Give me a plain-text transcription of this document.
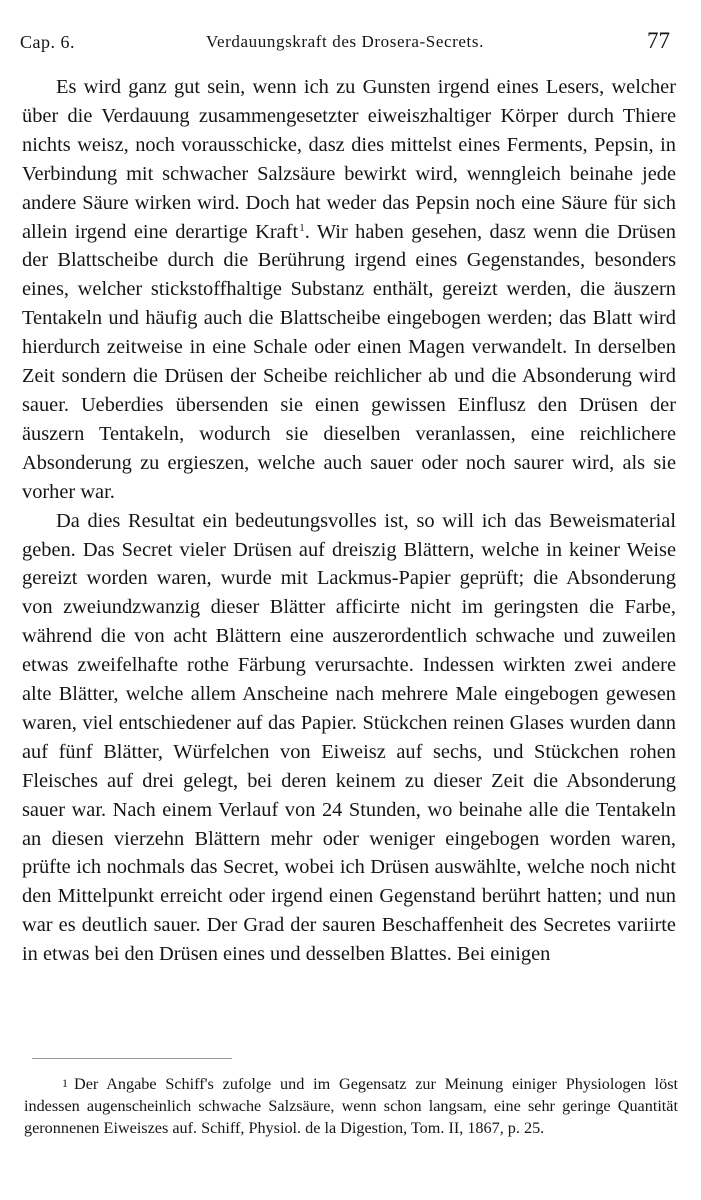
Cap. 6.	Verdauungskraft des Drosera-Secrets.	77

Es wird ganz gut sein, wenn ich zu Gunsten irgend eines Lesers, welcher über die Verdauung zusammengesetzter eiweiszhaltiger Körper durch Thiere nichts weisz, noch vorausschicke, dasz dies mittelst eines Ferments, Pepsin, in Verbindung mit schwacher Salzsäure bewirkt wird, wenngleich beinahe jede andere Säure wirken wird. Doch hat weder das Pepsin noch eine Säure für sich allein irgend eine derartige Kraft$^1$. Wir haben gesehen, dasz wenn die Drüsen der Blattscheibe durch die Berührung irgend eines Gegenstandes, besonders eines, welcher stickstoffhaltige Substanz enthält, gereizt werden, die äuszern Tentakeln und häufig auch die Blattscheibe eingebogen werden; das Blatt wird hierdurch zeitweise in eine Schale oder einen Magen verwandelt. In derselben Zeit sondern die Drüsen der Scheibe reichlicher ab und die Absonderung wird sauer. Ueberdies übersenden sie einen gewissen Einflusz den Drüsen der äuszern Tentakeln, wodurch sie dieselben veranlassen, eine reichlichere Absonderung zu ergieszen, welche auch sauer oder noch saurer wird, als sie vorher war.

Da dies Resultat ein bedeutungsvolles ist, so will ich das Beweismaterial geben. Das Secret vieler Drüsen auf dreiszig Blättern, welche in keiner Weise gereizt worden waren, wurde mit Lackmus-Papier geprüft; die Absonderung von zweiundzwanzig dieser Blätter afficirte nicht im geringsten die Farbe, während die von acht Blättern eine auszerordentlich schwache und zuweilen etwas zweifelhafte rothe Färbung verursachte. Indessen wirkten zwei andere alte Blätter, welche allem Anscheine nach mehrere Male eingebogen gewesen waren, viel entschiedener auf das Papier. Stückchen reinen Glases wurden dann auf fünf Blätter, Würfelchen von Eiweisz auf sechs, und Stückchen rohen Fleisches auf drei gelegt, bei deren keinem zu dieser Zeit die Absonderung sauer war. Nach einem Verlauf von 24 Stunden, wo beinahe alle die Tentakeln an diesen vierzehn Blättern mehr oder weniger eingebogen worden waren, prüfte ich nochmals das Secret, wobei ich Drüsen auswählte, welche noch nicht den Mittelpunkt erreicht oder irgend einen Gegenstand berührt hatten; und nun war es deutlich sauer. Der Grad der sauren Beschaffenheit des Secretes variirte in etwas bei den Drüsen eines und desselben Blattes. Bei einigen

1 Der Angabe Schiff's zufolge und im Gegensatz zur Meinung einiger Physiologen löst indessen augenscheinlich schwache Salzsäure, wenn schon langsam, eine sehr geringe Quantität geronnenen Eiweiszes auf. Schiff, Physiol. de la Digestion, Tom. II, 1867, p. 25.
